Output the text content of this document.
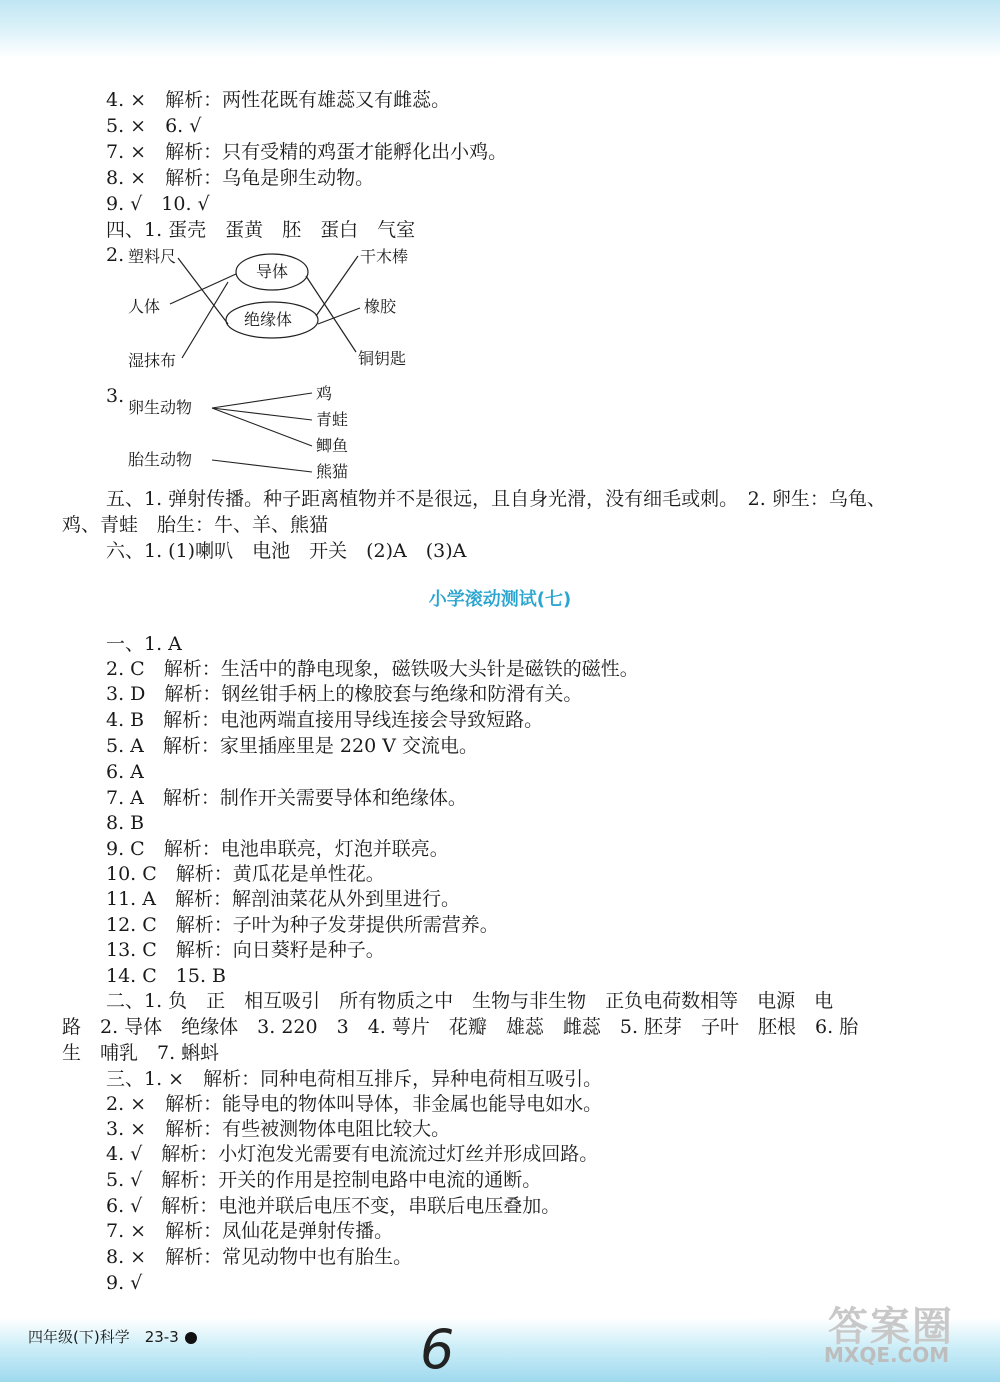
4. ×　解析：两性花既有雄蕊又有雌蕊。
5. ×　6. √
7. ×　解析：只有受精的鸡蛋才能孵化出小鸡。
8. ×　解析：乌龟是卵生动物。
9. √　10. √
四、1. 蛋壳　蛋黄　胚　蛋白　气室
2. 塑料尺
人体
湿抹布
导体
绝缘体
干木棒
橡胶
铜钥匙
3.
卵生动物
胎生动物
鸡
青蛙
鲫鱼
熊猫
五、1. 弹射传播。种子距离植物并不是很远，且自身光滑，没有细毛或刺。　2. 卵生：乌龟、
鸡、青蛙　胎生：牛、羊、熊猫
六、1. (1)喇叭　电池　开关　(2)A　(3)A
小学滚动测试(七)
一、1. A
2. C　解析：生活中的静电现象，磁铁吸大头针是磁铁的磁性。
3. D　解析：钢丝钳手柄上的橡胶套与绝缘和防滑有关。
4. B　解析：电池两端直接用导线连接会导致短路。
5. A　解析：家里插座里是 220 V 交流电。
6. A
7. A　解析：制作开关需要导体和绝缘体。
8. B
9. C　解析：电池串联亮，灯泡并联亮。
10. C　解析：黄瓜花是单性花。
11. A　解析：解剖油菜花从外到里进行。
12. C　解析：子叶为种子发芽提供所需营养。
13. C　解析：向日葵籽是种子。
14. C　15. B
二、1. 负　正　相互吸引　所有物质之中　生物与非生物　正负电荷数相等　电源　电
路　2. 导体　绝缘体　3. 220　3　4. 萼片　花瓣　雄蕊　雌蕊　5. 胚芽　子叶　胚根　6. 胎
生　哺乳　7. 蝌蚪
三、1. ×　解析：同种电荷相互排斥，异种电荷相互吸引。
2. ×　解析：能导电的物体叫导体，非金属也能导电如水。
3. ×　解析：有些被测物体电阻比较大。
4. √　解析：小灯泡发光需要有电流流过灯丝并形成回路。
5. √　解析：开关的作用是控制电路中电流的通断。
6. √　解析：电池并联后电压不变，串联后电压叠加。
7. ×　解析：凤仙花是弹射传播。
8. ×　解析：常见动物中也有胎生。
9. √
四年级(下)科学　23-3	6	答案圈
MXQE.COM
